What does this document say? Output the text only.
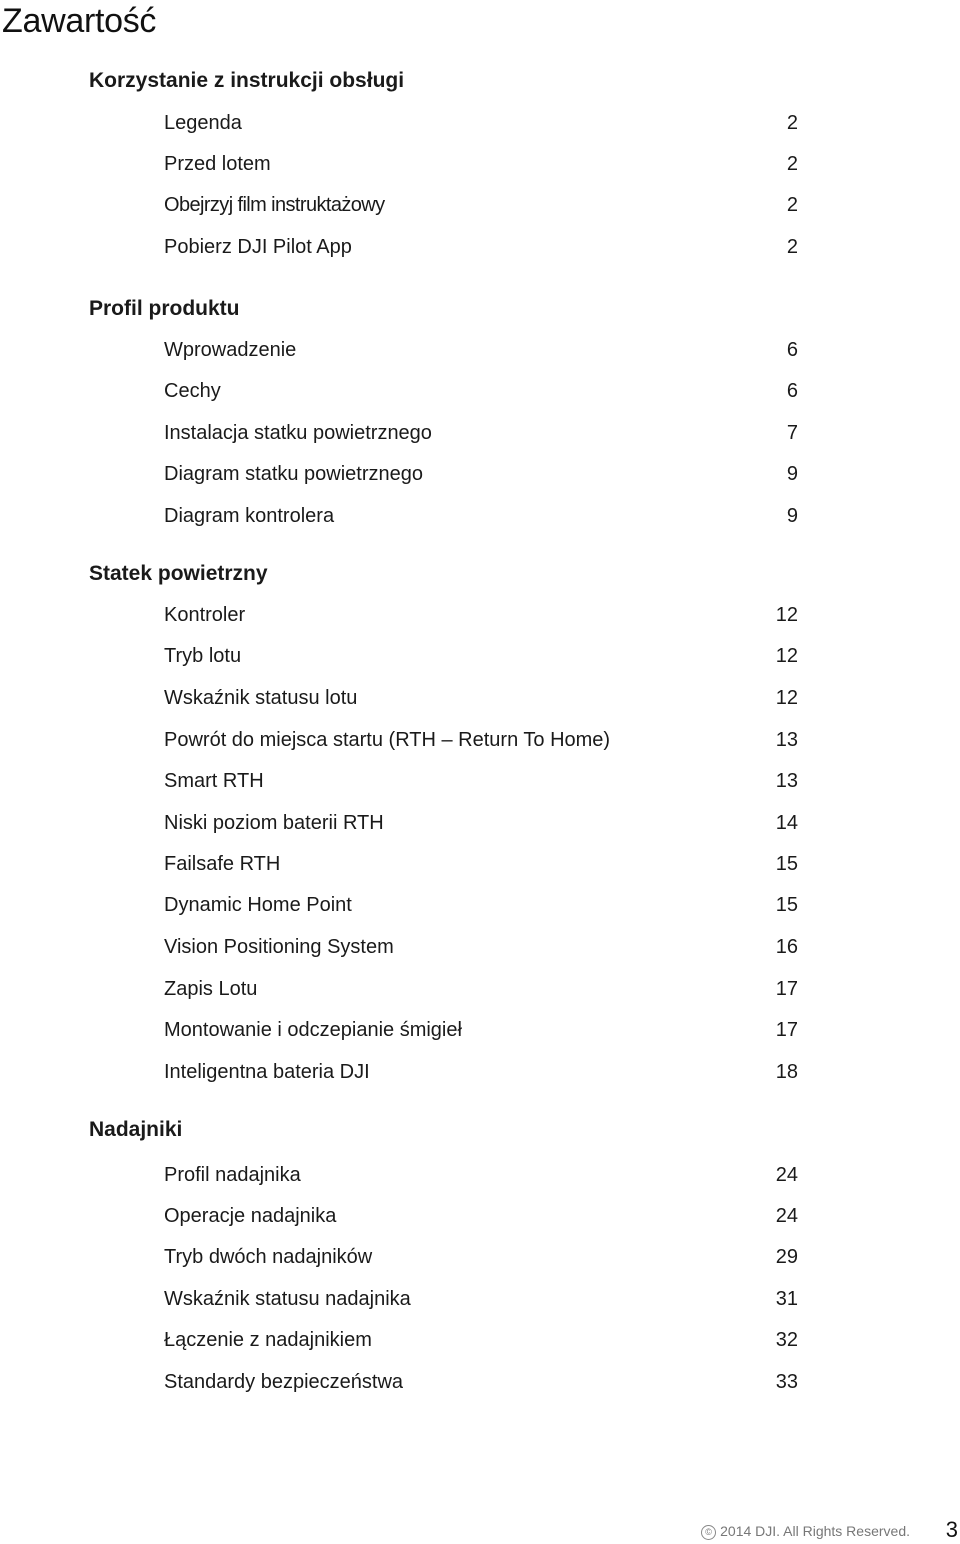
Zawartość
Korzystanie z instrukcji obsługi
Legenda	2
Przed lotem	2
Obejrzyj film instruktażowy	2
Pobierz DJI Pilot App	2
Profil produktu
Wprowadzenie	6
Cechy	6
Instalacja statku powietrznego	7
Diagram statku powietrznego	9
Diagram kontrolera	9
Statek powietrzny
Kontroler	12
Tryb lotu	12
Wskaźnik statusu lotu	12
Powrót do miejsca startu (RTH – Return To Home)	13
Smart RTH	13
Niski poziom baterii RTH	14
Failsafe RTH	15
Dynamic Home Point	15
Vision Positioning System	16
Zapis Lotu	17
Montowanie i odczepianie śmigieł	17
Inteligentna bateria DJI	18
Nadajniki
Profil nadajnika	24
Operacje nadajnika	24
Tryb dwóch nadajników	29
Wskaźnik statusu nadajnika	31
Łączenie z nadajnikiem	32
Standardy bezpieczeństwa	33
© 2014 DJI. All Rights Reserved. 3
